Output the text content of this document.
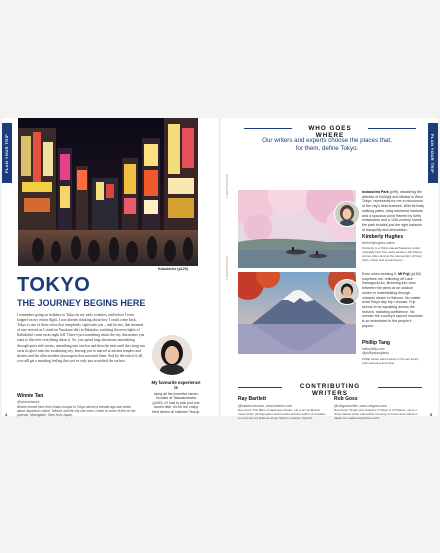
PLAN YOUR TRIP	PLAN YOUR TRIP
Kabukicho (p125)
TOKYO
THE JOURNEY BEGINS HERE

I remember going on holidays to Tokyo in my early twenties, and before I even hopped on my return flight, I was already thinking about how I could come back. Tokyo is one of those cities that completely captivates you – and for me, that moment of awe arrived as I stood on Yasukuni-dōri in Shinjuku, watching the neon lights of Kabukichō come on as night fell. There's just something about the city that makes you want to discover everything about it. So, you spend long afternoons meandering through quiet side streets, unearthing into one bar and then the next until the rising sun casts its glow onto the awakening city, leaving you to marvel at ancient temples and shrines and the ultra-modern skyscrapers that surround them. And by the end of it all, you still get a sneaking feeling that you've only just scratched the surface.

Winnie Tan

@winnietanxx

Winnie moved here from Kuala Lumpur to Tokyo almost a decade ago and writes about Japanese culture, folklore and the city she loves. Listen to some of this on her podcast, Monogatari: Tales from Japan.

My favourite experience is

trying all the inventive ramen noodles at Takadanobaba (p150). If I had to pick just one ramen dish, it'd be the crispy fried ramen at Yakimen Tsuruji.

4

WHO GOES WHERE

Our writers and experts choose the places that, for them, define Tokyo.

© SHUTTERSTOCK
© SHUTTERSTOCK

Inokashira Park (p99), straddling the districts of Kichijōji and Mitaka in West Tokyo, represents for me a microcosm of the city's best features. With its leafy walking paths, artsy weekend markets and a spacious pond framed by lively restaurants and a 12th-century shrine, the park exudes just the right balance of tranquility and stimulation.

Kimberly Hughes

kimberlyhughes.online

Kimberly is a Tokyo-based freelance writer originally from the south-western US whose stories often land at the intersection of food, drink, travel and social issues.

Even when seeking it, Mt Fuji (p183) surprises me: reflecting off Lake Kawaguchi-ko, flickering into view between the pines at an outdoor onsen or materialising through volcanic steam in Hakone. No matter what Tokyo day trip I choose, Fuji seems to be squatting across the horizon, radiating confidence. No wonder the country's sacred mountain is so embedded in the people's psyche.

Phillip Tang

hellophillip.com

@phillipstanglamp

Phillip writes about travel in his two loves, Latin America and Asia.

CONTRIBUTING WRITERS

Ray Bartlett

@kaiseunobooks, www.kaiseru.com

Ray wrote 'The Bliss of Japanese Onsen'. He is an acclaimed travel writer, photographer and novelist and the author of Cosaleo, a novel set in a fictional onsen hotel in southern Kyūshū.

Rob Goss

@robgosswriter, www.robgoss.com

Rob wrote 'Tsukiji' and 'Artisans of Tokyo in 10 Places'. He is a Tokyo-based writer and author focusing on travel and culture in Japan for media around the world.

5
